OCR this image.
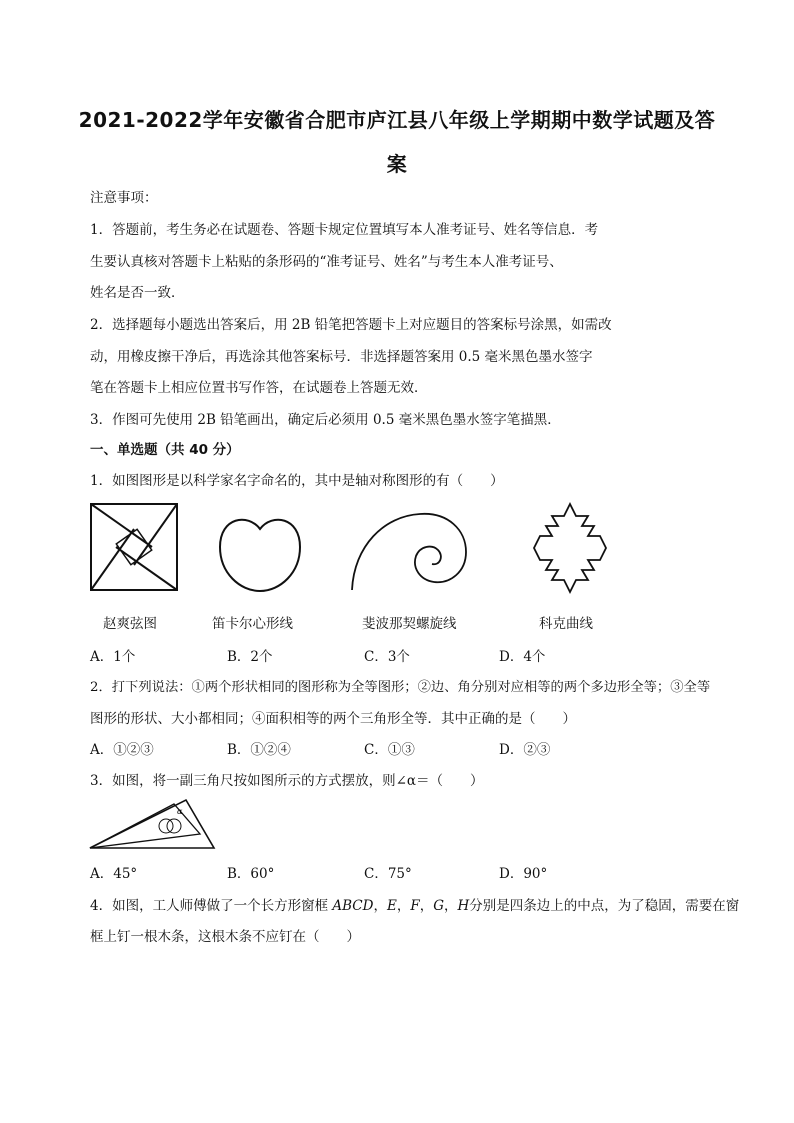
2021-2022学年安徽省合肥市庐江县八年级上学期期中数学试题及答
案
注意事项：
1．答题前，考生务必在试题卷、答题卡规定位置填写本人准考证号、姓名等信息．考
生要认真核对答题卡上粘贴的条形码的“准考证号、姓名”与考生本人准考证号、
姓名是否一致．
2．选择题每小题选出答案后，用 2B 铅笔把答题卡上对应题目的答案标号涂黑，如需改
动，用橡皮擦干净后，再选涂其他答案标号．非选择题答案用 0.5 毫米黑色墨水签字
笔在答题卡上相应位置书写作答，在试题卷上答题无效．
3．作图可先使用 2B 铅笔画出，确定后必须用 0.5 毫米黑色墨水签字笔描黑．
一、单选题（共 40 分）
1．如图图形是以科学家名字命名的，其中是轴对称图形的有（　　）
赵爽弦图	笛卡尔心形线	斐波那契螺旋线	科克曲线
A．1个	B．2个	C．3个	D．4个
2．打下列说法：①两个形状相同的图形称为全等图形；②边、角分别对应相等的两个多边形全等；③全等
图形的形状、大小都相同；④面积相等的两个三角形全等．其中正确的是（　　）
A．①②③	B．①②④	C．①③	D．②③
3．如图，将一副三角尺按如图所示的方式摆放，则∠α＝（　　）
α
A．45°	B．60°	C．75°	D．90°
4．如图，工人师傅做了一个长方形窗框 ABCD，E，F，G，H分别是四条边上的中点，为了稳固，需要在窗
框上钉一根木条，这根木条不应钉在（　　）
